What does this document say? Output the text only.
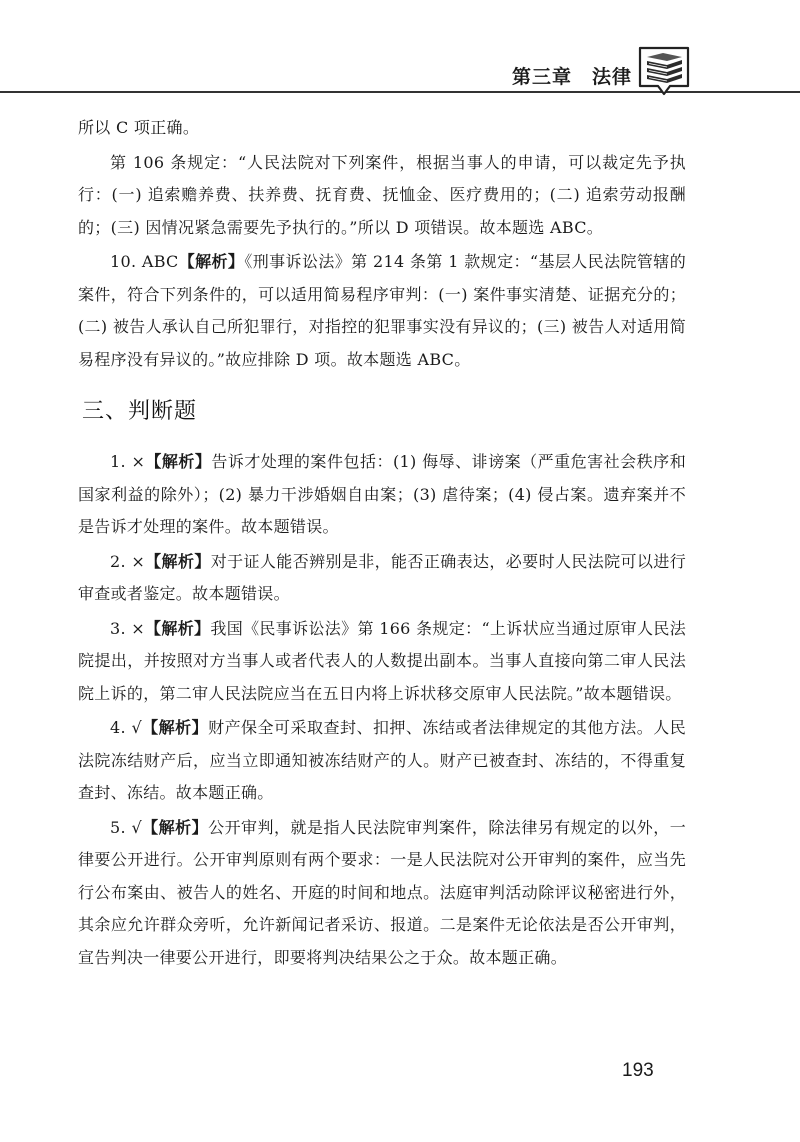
第三章　法律

所以 C 项正确。

第 106 条规定：“人民法院对下列案件，根据当事人的申请，可以裁定先予执行：(一) 追索赡养费、扶养费、抚育费、抚恤金、医疗费用的；(二) 追索劳动报酬的；(三) 因情况紧急需要先予执行的。”所以 D 项错误。故本题选 ABC。

10. ABC【解析】《刑事诉讼法》第 214 条第 1 款规定：“基层人民法院管辖的案件，符合下列条件的，可以适用简易程序审判：(一) 案件事实清楚、证据充分的；(二) 被告人承认自己所犯罪行，对指控的犯罪事实没有异议的；(三) 被告人对适用简易程序没有异议的。”故应排除 D 项。故本题选 ABC。

三、判断题

1. ×【解析】告诉才处理的案件包括：(1) 侮辱、诽谤案（严重危害社会秩序和国家利益的除外）；(2) 暴力干涉婚姻自由案；(3) 虐待案；(4) 侵占案。遗弃案并不是告诉才处理的案件。故本题错误。

2. ×【解析】对于证人能否辨别是非，能否正确表达，必要时人民法院可以进行审查或者鉴定。故本题错误。

3. ×【解析】我国《民事诉讼法》第 166 条规定：“上诉状应当通过原审人民法院提出，并按照对方当事人或者代表人的人数提出副本。当事人直接向第二审人民法院上诉的，第二审人民法院应当在五日内将上诉状移交原审人民法院。”故本题错误。

4. √【解析】财产保全可采取查封、扣押、冻结或者法律规定的其他方法。人民法院冻结财产后，应当立即通知被冻结财产的人。财产已被查封、冻结的，不得重复查封、冻结。故本题正确。

5. √【解析】公开审判，就是指人民法院审判案件，除法律另有规定的以外，一律要公开进行。公开审判原则有两个要求：一是人民法院对公开审判的案件，应当先行公布案由、被告人的姓名、开庭的时间和地点。法庭审判活动除评议秘密进行外，其余应允许群众旁听，允许新闻记者采访、报道。二是案件无论依法是否公开审判，宣告判决一律要公开进行，即要将判决结果公之于众。故本题正确。

193
